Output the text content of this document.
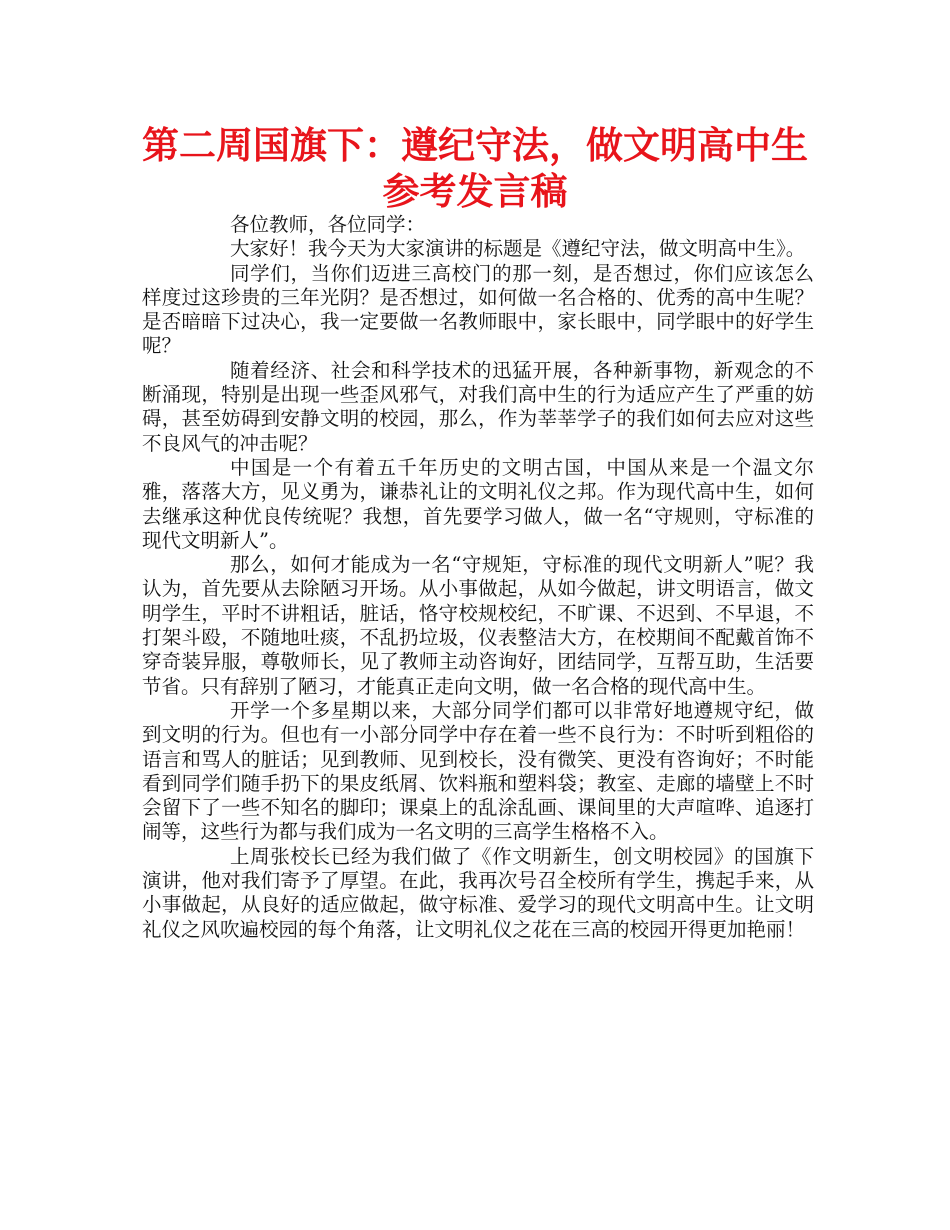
第二周国旗下：遵纪守法，做文明高中生
参考发言稿

各位教师，各位同学：

大家好！我今天为大家演讲的标题是《遵纪守法，做文明高中生》。

同学们，当你们迈进三高校门的那一刻，是否想过，你们应该怎么样度过这珍贵的三年光阴？是否想过，如何做一名合格的、优秀的高中生呢？是否暗暗下过决心，我一定要做一名教师眼中，家长眼中，同学眼中的好学生呢？

随着经济、社会和科学技术的迅猛开展，各种新事物，新观念的不断涌现，特别是出现一些歪风邪气，对我们高中生的行为适应产生了严重的妨碍，甚至妨碍到安静文明的校园，那么，作为莘莘学子的我们如何去应对这些不良风气的冲击呢？

中国是一个有着五千年历史的文明古国，中国从来是一个温文尔雅，落落大方，见义勇为，谦恭礼让的文明礼仪之邦。作为现代高中生，如何去继承这种优良传统呢？我想，首先要学习做人，做一名“守规则，守标准的现代文明新人”。

那么，如何才能成为一名“守规矩，守标准的现代文明新人”呢？我认为，首先要从去除陋习开场。从小事做起，从如今做起，讲文明语言，做文明学生，平时不讲粗话，脏话，恪守校规校纪，不旷课、不迟到、不早退，不打架斗殴，不随地吐痰，不乱扔垃圾，仪表整洁大方，在校期间不配戴首饰不穿奇装异服，尊敬师长，见了教师主动咨询好，团结同学，互帮互助，生活要节省。只有辞别了陋习，才能真正走向文明，做一名合格的现代高中生。

开学一个多星期以来，大部分同学们都可以非常好地遵规守纪，做到文明的行为。但也有一小部分同学中存在着一些不良行为：不时听到粗俗的语言和骂人的脏话；见到教师、见到校长，没有微笑、更没有咨询好；不时能看到同学们随手扔下的果皮纸屑、饮料瓶和塑料袋；教室、走廊的墙壁上不时会留下了一些不知名的脚印；课桌上的乱涂乱画、课间里的大声喧哗、追逐打闹等，这些行为都与我们成为一名文明的三高学生格格不入。

上周张校长已经为我们做了《作文明新生，创文明校园》的国旗下演讲，他对我们寄予了厚望。在此，我再次号召全校所有学生，携起手来，从小事做起，从良好的适应做起，做守标准、爱学习的现代文明高中生。让文明礼仪之风吹遍校园的每个角落，让文明礼仪之花在三高的校园开得更加艳丽！
